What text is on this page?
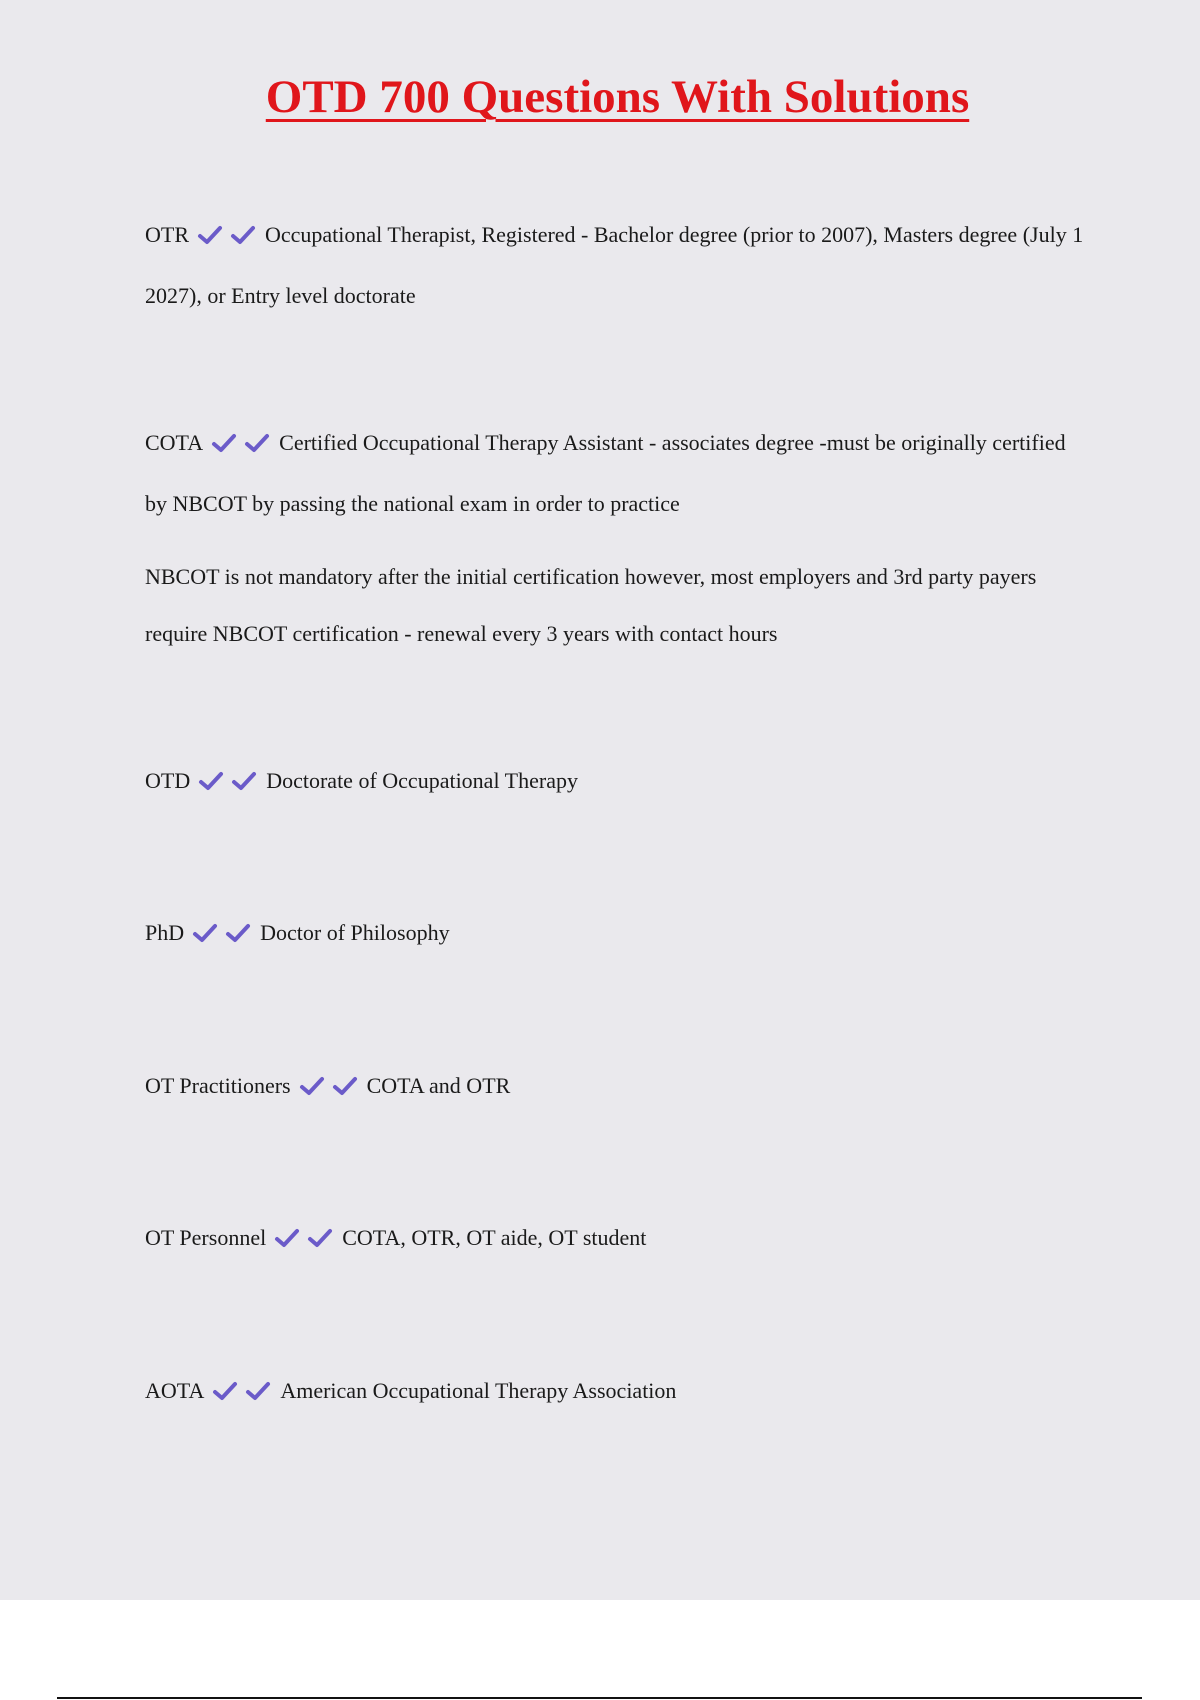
OTD 700 Questions With Solutions

OTR	Occupational Therapist, Registered - Bachelor degree (prior to 2007), Masters degree (July 1 2027), or Entry level doctorate

COTA	Certified Occupational Therapy Assistant - associates degree -must be originally certified by NBCOT by passing the national exam in order to practice

NBCOT is not mandatory after the initial certification however, most employers and 3rd party payers require NBCOT certification - renewal every 3 years with contact hours

OTD	Doctorate of Occupational Therapy

PhD	Doctor of Philosophy

OT Practitioners	COTA and OTR

OT Personnel	COTA, OTR, OT aide, OT student

AOTA	American Occupational Therapy Association
